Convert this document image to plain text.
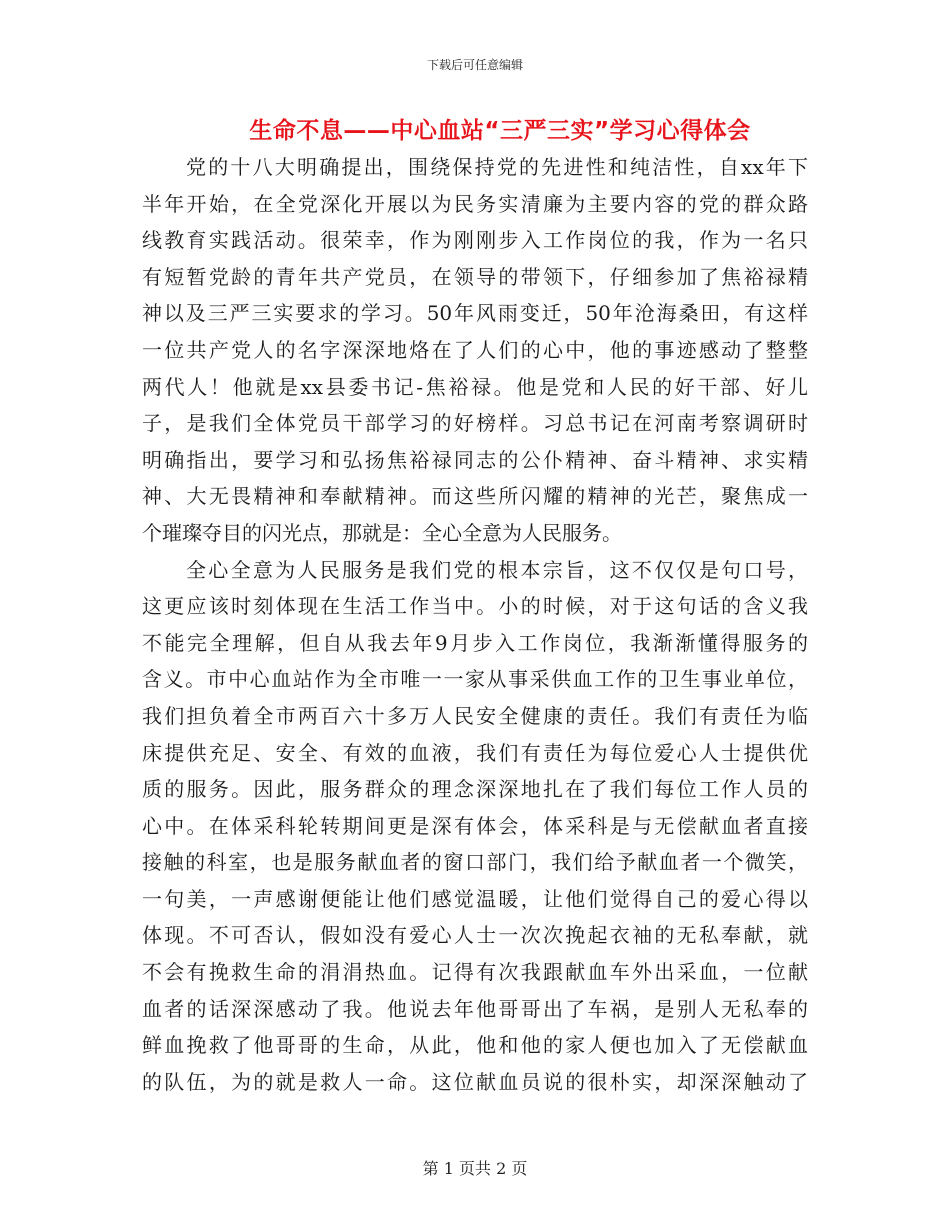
下载后可任意编辑
生命不息——中心血站“三严三实”学习心得体会
党的十八大明确提出，围绕保持党的先进性和纯洁性，自xx年下
半年开始，在全党深化开展以为民务实清廉为主要内容的党的群众路
线教育实践活动。很荣幸，作为刚刚步入工作岗位的我，作为一名只
有短暂党龄的青年共产党员，在领导的带领下，仔细参加了焦裕禄精
神以及三严三实要求的学习。50年风雨变迁，50年沧海桑田，有这样
一位共产党人的名字深深地烙在了人们的心中，他的事迹感动了整整
两代人！他就是xx县委书记-焦裕禄。他是党和人民的好干部、好儿
子，是我们全体党员干部学习的好榜样。习总书记在河南考察调研时
明确指出，要学习和弘扬焦裕禄同志的公仆精神、奋斗精神、求实精
神、大无畏精神和奉献精神。而这些所闪耀的精神的光芒，聚焦成一
个璀璨夺目的闪光点，那就是：全心全意为人民服务。
全心全意为人民服务是我们党的根本宗旨，这不仅仅是句口号，
这更应该时刻体现在生活工作当中。小的时候，对于这句话的含义我
不能完全理解，但自从我去年9月步入工作岗位，我渐渐懂得服务的
含义。市中心血站作为全市唯一一家从事采供血工作的卫生事业单位，
我们担负着全市两百六十多万人民安全健康的责任。我们有责任为临
床提供充足、安全、有效的血液，我们有责任为每位爱心人士提供优
质的服务。因此，服务群众的理念深深地扎在了我们每位工作人员的
心中。在体采科轮转期间更是深有体会，体采科是与无偿献血者直接
接触的科室，也是服务献血者的窗口部门，我们给予献血者一个微笑，
一句美，一声感谢便能让他们感觉温暖，让他们觉得自己的爱心得以
体现。不可否认，假如没有爱心人士一次次挽起衣袖的无私奉献，就
不会有挽救生命的涓涓热血。记得有次我跟献血车外出采血，一位献
血者的话深深感动了我。他说去年他哥哥出了车祸，是别人无私奉的
鲜血挽救了他哥哥的生命，从此，他和他的家人便也加入了无偿献血
的队伍，为的就是救人一命。这位献血员说的很朴实，却深深触动了
第 1 页共 2 页
